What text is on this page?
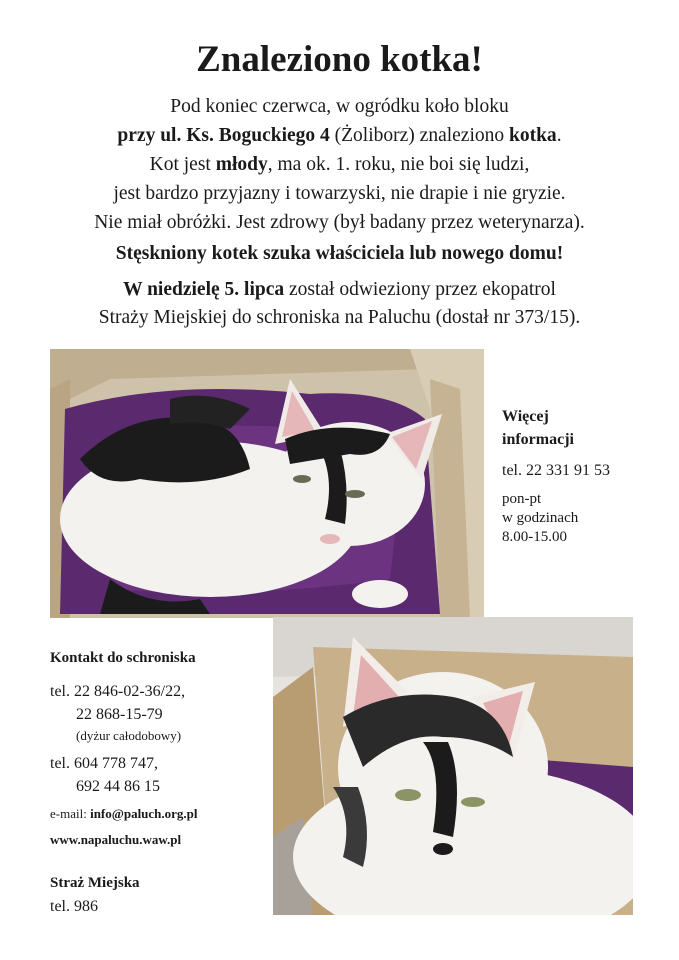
Znaleziono kotka!

Pod koniec czerwca, w ogródku koło bloku

przy ul. Ks. Boguckiego 4 (Żoliborz) znaleziono kotka.

Kot jest młody, ma ok. 1. roku, nie boi się ludzi,

jest bardzo przyjazny i towarzyski, nie drapie i nie gryzie.

Nie miał obróżki. Jest zdrowy (był badany przez weterynarza).

Stęskniony kotek szuka właściciela lub nowego domu!

W niedzielę 5. lipca został odwieziony przez ekopatrol

Straży Miejskiej do schroniska na Paluchu (dostał nr 373/15).

Więcej

informacji

tel. 22 331 91 53

pon-pt

w godzinach

8.00-15.00

Kontakt do schroniska

tel. 22 846-02-36/22,

22 868-15-79

(dyżur całodobowy)

tel. 604 778 747,

692 44 86 15

e-mail: info@paluch.org.pl

www.napaluchu.waw.pl

Straż Miejska

tel. 986
